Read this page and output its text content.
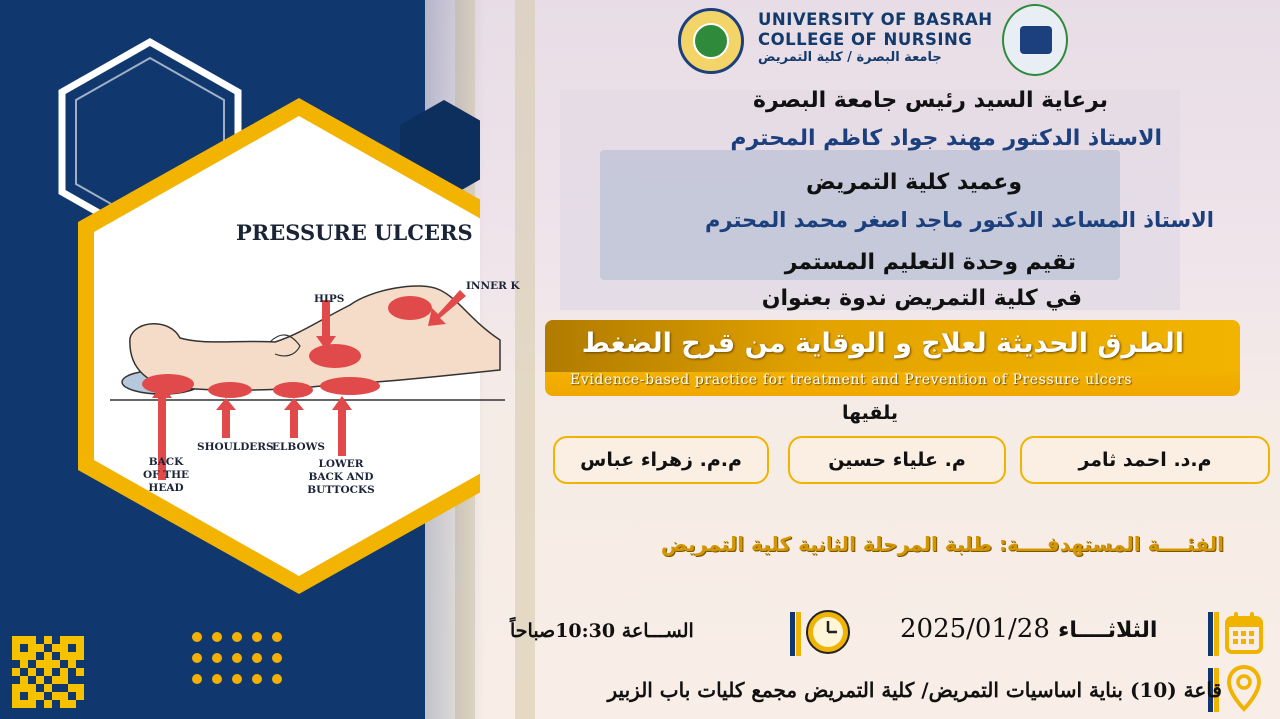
PRESSURE ULCERS
HIPS
INNER K
BACK OF THE HEAD
SHOULDERS
ELBOWS
LOWER BACK AND BUTTOCKS
UNIVERSITY OF BASRAH
COLLEGE OF NURSING
جامعة البصرة / كلية التمريض
برعاية السيد رئيس جامعة البصرة
الاستاذ الدكتور مهند جواد كاظم المحترم
وعميد كلية التمريض
الاستاذ المساعد الدكتور ماجد اصغر محمد المحترم
تقيم وحدة التعليم المستمر
في كلية التمريض ندوة بعنوان
الطرق الحديثة لعلاج و الوقاية من قرح الضغط
Evidence-based practice for treatment and Prevention of Pressure ulcers
يلقيها
م.د. احمد ثامر
م. علياء حسين
م.م. زهراء عباس
الفئــــة المستهدفــــة: طلبة المرحلة الثانية كلية التمريض
الثلاثــــاء 2025/01/28
الســـاعة 10:30صباحاً
قاعة (10) بناية اساسيات التمريض/ كلية التمريض مجمع كليات باب الزبير
